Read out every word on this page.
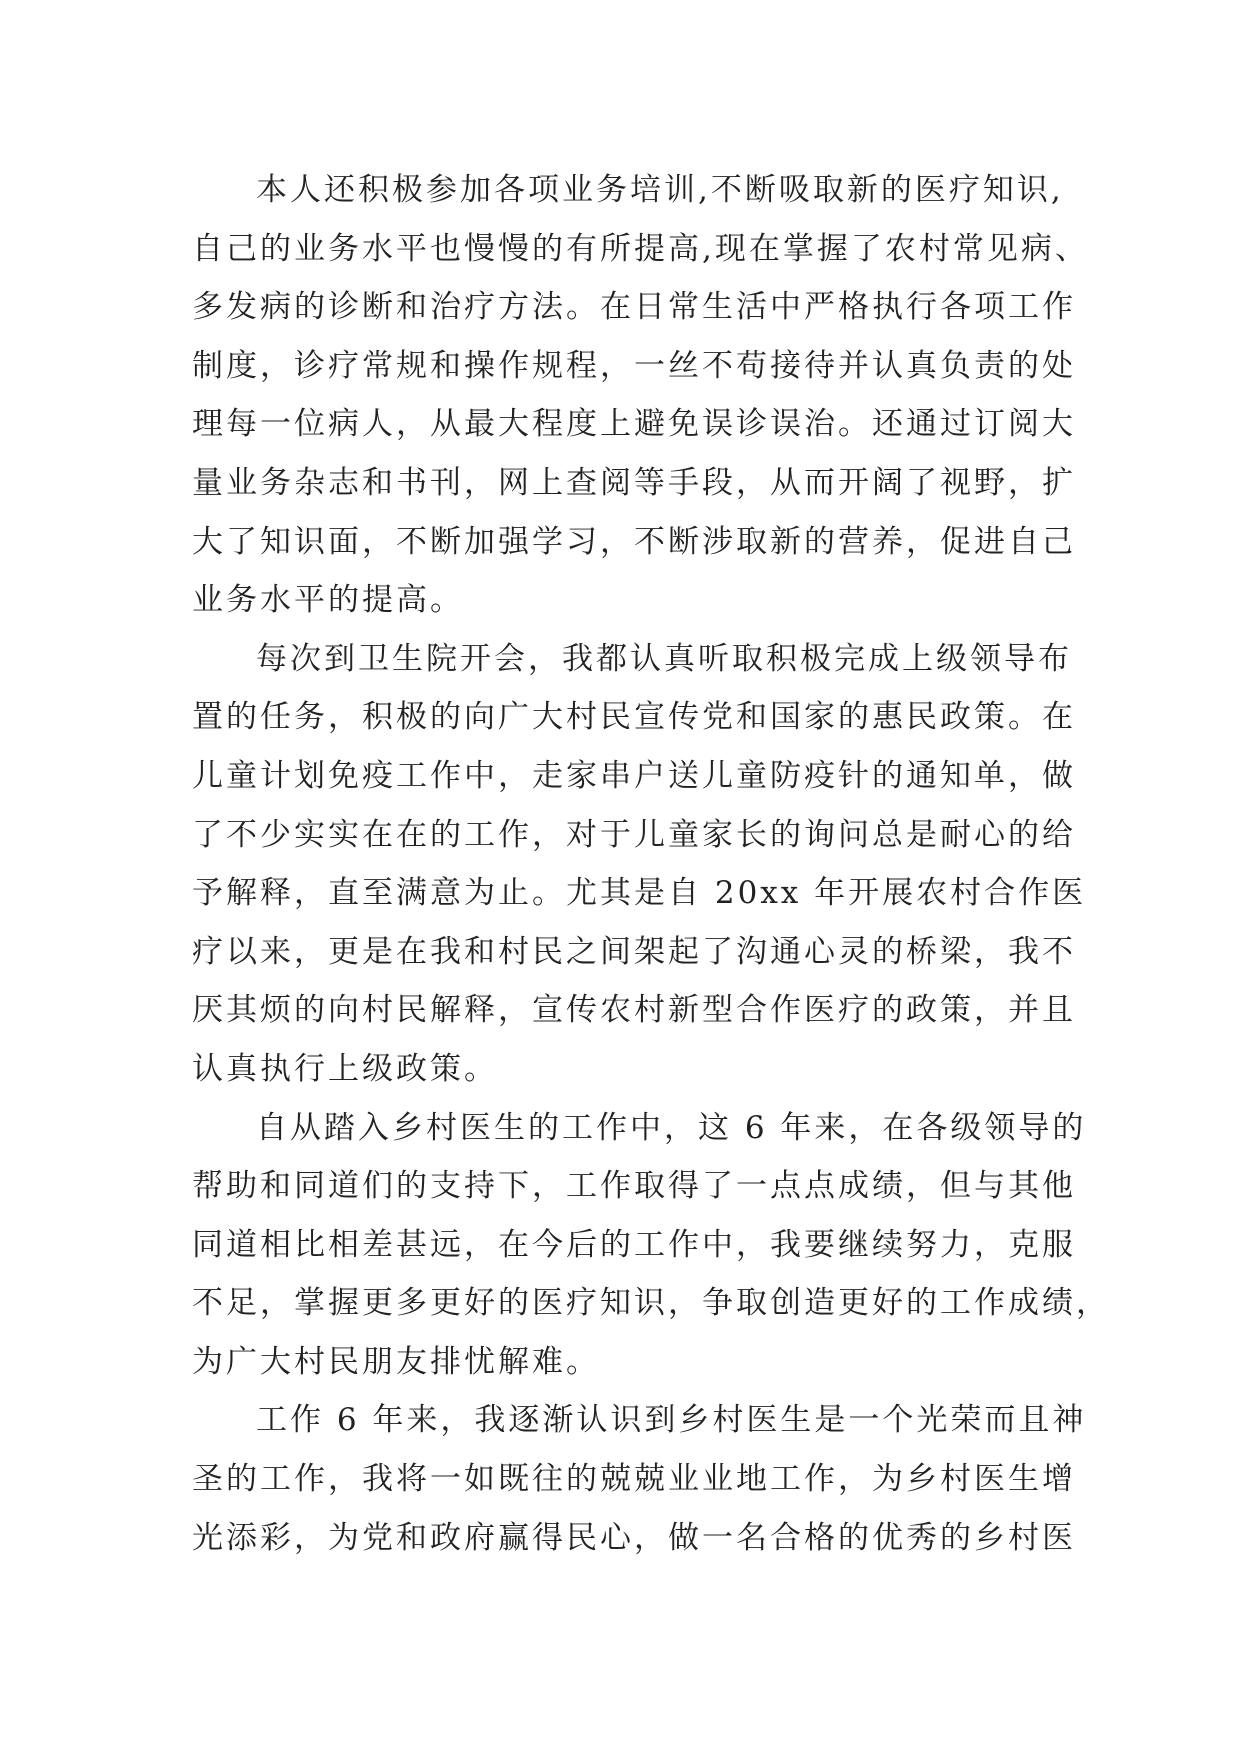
本人还积极参加各项业务培训,不断吸取新的医疗知识,
自己的业务水平也慢慢的有所提高,现在掌握了农村常见病、
多发病的诊断和治疗方法。在日常生活中严格执行各项工作
制度，诊疗常规和操作规程，一丝不苟接待并认真负责的处
理每一位病人，从最大程度上避免误诊误治。还通过订阅大
量业务杂志和书刊，网上查阅等手段，从而开阔了视野，扩
大了知识面，不断加强学习，不断涉取新的营养，促进自己
业务水平的提高。
每次到卫生院开会，我都认真听取积极完成上级领导布
置的任务，积极的向广大村民宣传党和国家的惠民政策。在
儿童计划免疫工作中，走家串户送儿童防疫针的通知单，做
了不少实实在在的工作，对于儿童家长的询问总是耐心的给
予解释，直至满意为止。尤其是自 20xx 年开展农村合作医
疗以来，更是在我和村民之间架起了沟通心灵的桥梁，我不
厌其烦的向村民解释，宣传农村新型合作医疗的政策，并且
认真执行上级政策。
自从踏入乡村医生的工作中，这 6 年来，在各级领导的
帮助和同道们的支持下，工作取得了一点点成绩，但与其他
同道相比相差甚远，在今后的工作中，我要继续努力，克服
不足，掌握更多更好的医疗知识，争取创造更好的工作成绩，
为广大村民朋友排忧解难。
工作 6 年来，我逐渐认识到乡村医生是一个光荣而且神
圣的工作，我将一如既往的兢兢业业地工作，为乡村医生增
光添彩，为党和政府赢得民心，做一名合格的优秀的乡村医
